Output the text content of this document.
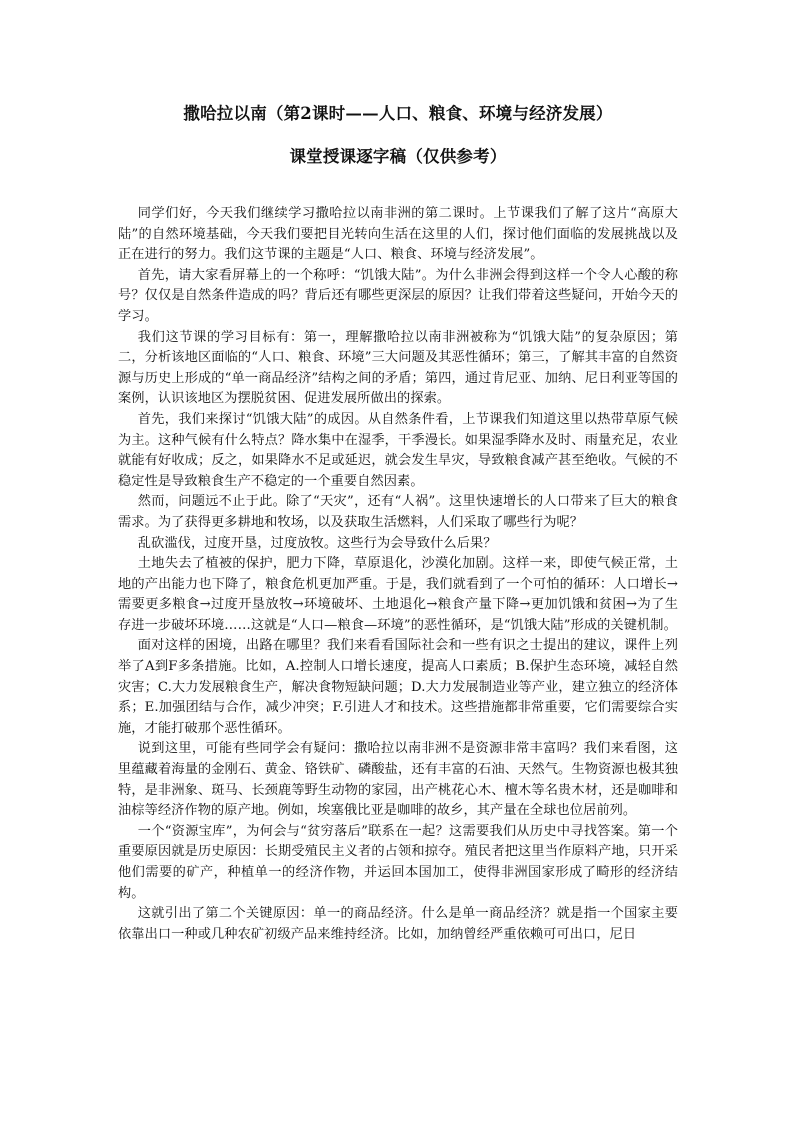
撒哈拉以南（第2课时——人口、粮食、环境与经济发展）
课堂授课逐字稿（仅供参考）

同学们好，今天我们继续学习撒哈拉以南非洲的第二课时。上节课我们了解了这片“高原大陆”的自然环境基础，今天我们要把目光转向生活在这里的人们，探讨他们面临的发展挑战以及正在进行的努力。我们这节课的主题是“人口、粮食、环境与经济发展”。

首先，请大家看屏幕上的一个称呼：“饥饿大陆”。为什么非洲会得到这样一个令人心酸的称号？仅仅是自然条件造成的吗？背后还有哪些更深层的原因？让我们带着这些疑问，开始今天的学习。

我们这节课的学习目标有：第一，理解撒哈拉以南非洲被称为“饥饿大陆”的复杂原因；第二，分析该地区面临的“人口、粮食、环境”三大问题及其恶性循环；第三，了解其丰富的自然资源与历史上形成的“单一商品经济”结构之间的矛盾；第四，通过肯尼亚、加纳、尼日利亚等国的案例，认识该地区为摆脱贫困、促进发展所做出的探索。

首先，我们来探讨“饥饿大陆”的成因。从自然条件看，上节课我们知道这里以热带草原气候为主。这种气候有什么特点？降水集中在湿季，干季漫长。如果湿季降水及时、雨量充足，农业就能有好收成；反之，如果降水不足或延迟，就会发生旱灾，导致粮食减产甚至绝收。气候的不稳定性是导致粮食生产不稳定的一个重要自然因素。

然而，问题远不止于此。除了“天灾”，还有“人祸”。这里快速增长的人口带来了巨大的粮食需求。为了获得更多耕地和牧场，以及获取生活燃料，人们采取了哪些行为呢？

乱砍滥伐，过度开垦，过度放牧。这些行为会导致什么后果？

土地失去了植被的保护，肥力下降，草原退化，沙漠化加剧。这样一来，即使气候正常，土地的产出能力也下降了，粮食危机更加严重。于是，我们就看到了一个可怕的循环：人口增长→需要更多粮食→过度开垦放牧→环境破坏、土地退化→粮食产量下降→更加饥饿和贫困→为了生存进一步破坏环境……这就是“人口—粮食—环境”的恶性循环，是“饥饿大陆”形成的关键机制。

面对这样的困境，出路在哪里？我们来看看国际社会和一些有识之士提出的建议，课件上列举了A到F多条措施。比如，A.控制人口增长速度，提高人口素质；B.保护生态环境，减轻自然灾害；C.大力发展粮食生产，解决食物短缺问题；D.大力发展制造业等产业，建立独立的经济体系；E.加强团结与合作，减少冲突；F.引进人才和技术。这些措施都非常重要，它们需要综合实施，才能打破那个恶性循环。

说到这里，可能有些同学会有疑问：撒哈拉以南非洲不是资源非常丰富吗？我们来看图，这里蕴藏着海量的金刚石、黄金、铬铁矿、磷酸盐，还有丰富的石油、天然气。生物资源也极其独特，是非洲象、斑马、长颈鹿等野生动物的家园，出产桃花心木、檀木等名贵木材，还是咖啡和油棕等经济作物的原产地。例如，埃塞俄比亚是咖啡的故乡，其产量在全球也位居前列。

一个“资源宝库”，为何会与“贫穷落后”联系在一起？这需要我们从历史中寻找答案。第一个重要原因就是历史原因：长期受殖民主义者的占领和掠夺。殖民者把这里当作原料产地，只开采他们需要的矿产，种植单一的经济作物，并运回本国加工，使得非洲国家形成了畸形的经济结构。

这就引出了第二个关键原因：单一的商品经济。什么是单一商品经济？就是指一个国家主要依靠出口一种或几种农矿初级产品来维持经济。比如，加纳曾经严重依赖可可出口，尼日
